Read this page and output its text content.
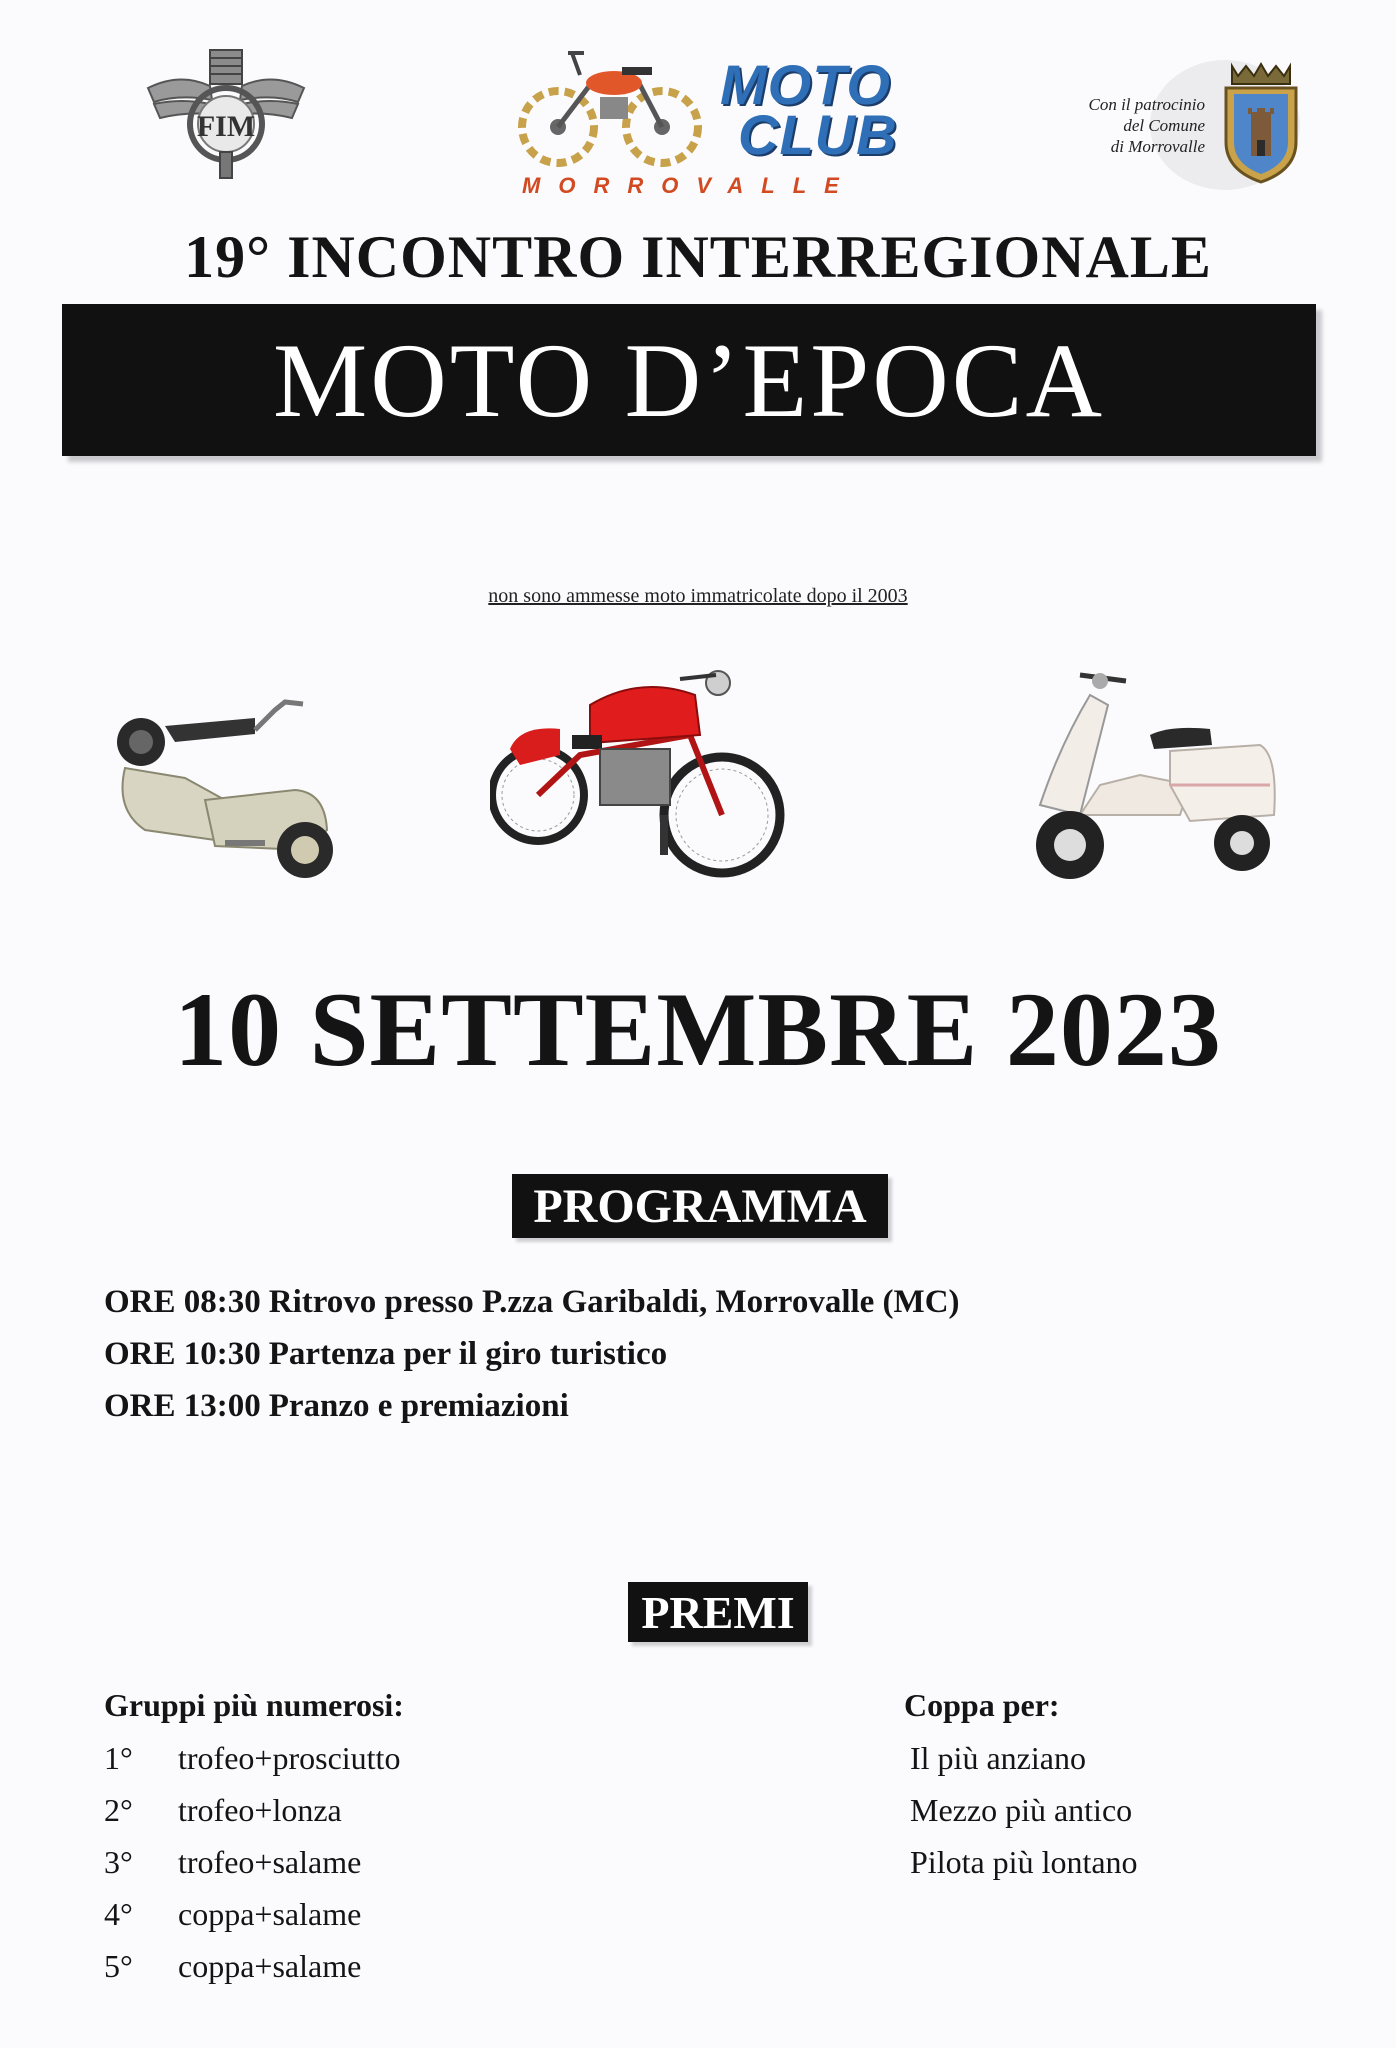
FIM
MOTO
CLUB
MORROVALLE
Con il patrocinio
del Comune
di Morrovalle
19° INCONTRO INTERREGIONALE
MOTO D’EPOCA
non sono ammesse moto immatricolate dopo il 2003
10 SETTEMBRE 2023
PROGRAMMA
ORE 08:30 Ritrovo presso P.zza Garibaldi, Morrovalle (MC)
ORE 10:30 Partenza per il giro turistico
ORE 13:00 Pranzo e premiazioni
PREMI
Gruppi più numerosi:
1° trofeo+prosciutto
2° trofeo+lonza
3° trofeo+salame
4° coppa+salame
5° coppa+salame
Coppa per:
Il più anziano
Mezzo più antico
Pilota più lontano
